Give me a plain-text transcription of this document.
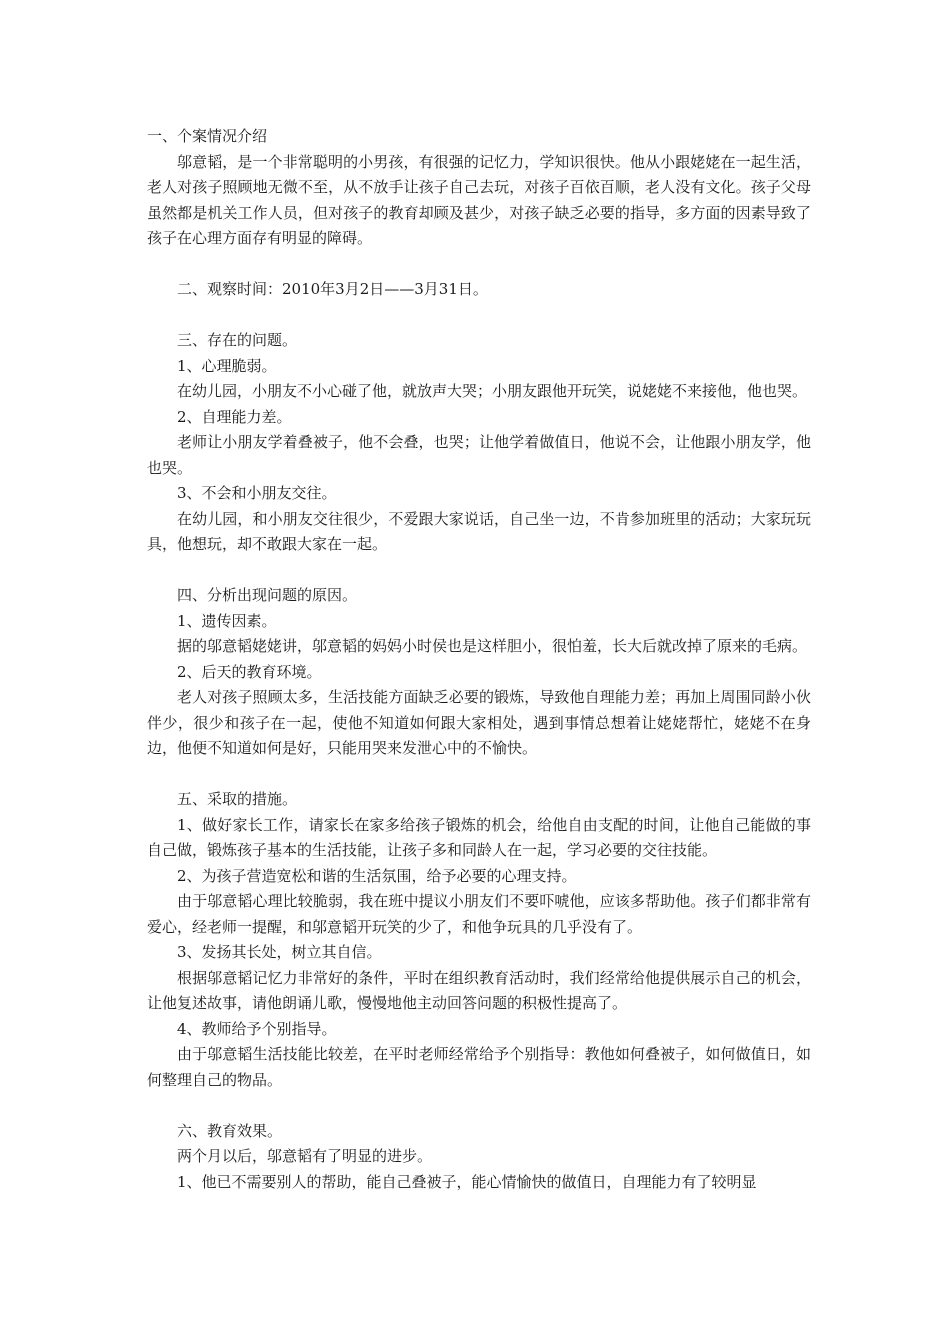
一、个案情况介绍

邬意韬，是一个非常聪明的小男孩，有很强的记忆力，学知识很快。他从小跟姥姥在一起生活，老人对孩子照顾地无微不至，从不放手让孩子自己去玩，对孩子百依百顺，老人没有文化。孩子父母虽然都是机关工作人员，但对孩子的教育却顾及甚少，对孩子缺乏必要的指导，多方面的因素导致了孩子在心理方面存有明显的障碍。

二、观察时间：2010年3月2日——3月31日。

三、存在的问题。

1、心理脆弱。

在幼儿园，小朋友不小心碰了他，就放声大哭；小朋友跟他开玩笑，说姥姥不来接他，他也哭。

2、自理能力差。

老师让小朋友学着叠被子，他不会叠，也哭；让他学着做值日，他说不会，让他跟小朋友学，他也哭。

3、不会和小朋友交往。

在幼儿园，和小朋友交往很少，不爱跟大家说话，自己坐一边，不肯参加班里的活动；大家玩玩具，他想玩，却不敢跟大家在一起。

四、分析出现问题的原因。

1、遗传因素。

据的邬意韬姥姥讲，邬意韬的妈妈小时侯也是这样胆小，很怕羞，长大后就改掉了原来的毛病。

2、后天的教育环境。

老人对孩子照顾太多，生活技能方面缺乏必要的锻炼，导致他自理能力差；再加上周围同龄小伙伴少，很少和孩子在一起，使他不知道如何跟大家相处，遇到事情总想着让姥姥帮忙，姥姥不在身边，他便不知道如何是好，只能用哭来发泄心中的不愉快。

五、采取的措施。

1、做好家长工作，请家长在家多给孩子锻炼的机会，给他自由支配的时间，让他自己能做的事自己做，锻炼孩子基本的生活技能，让孩子多和同龄人在一起，学习必要的交往技能。

2、为孩子营造宽松和谐的生活氛围，给予必要的心理支持。

由于邬意韬心理比较脆弱，我在班中提议小朋友们不要吓唬他，应该多帮助他。孩子们都非常有爱心，经老师一提醒，和邬意韬开玩笑的少了，和他争玩具的几乎没有了。

3、发扬其长处，树立其自信。

根据邬意韬记忆力非常好的条件，平时在组织教育活动时，我们经常给他提供展示自己的机会，让他复述故事，请他朗诵儿歌，慢慢地他主动回答问题的积极性提高了。

4、教师给予个别指导。

由于邬意韬生活技能比较差，在平时老师经常给予个别指导：教他如何叠被子，如何做值日，如何整理自己的物品。

六、教育效果。

两个月以后，邬意韬有了明显的进步。

1、他已不需要别人的帮助，能自己叠被子，能心情愉快的做值日，自理能力有了较明显
